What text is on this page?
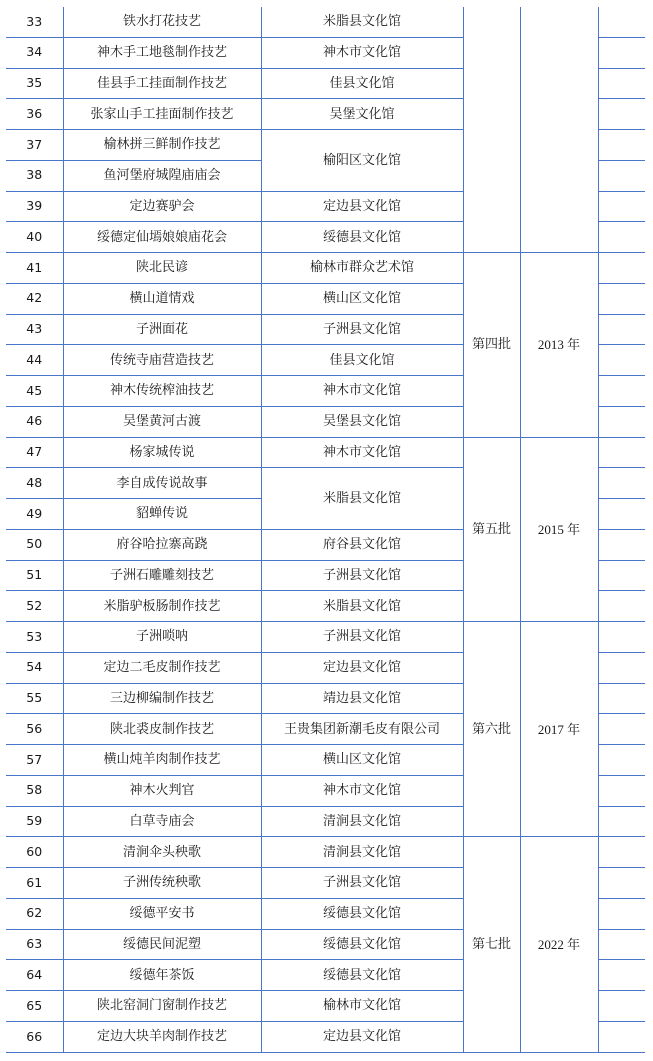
33	铁水打花技艺	米脂县文化馆			
34	神木手工地毯制作技艺	神木市文化馆			
35	佳县手工挂面制作技艺	佳县文化馆			
36	张家山手工挂面制作技艺	吴堡文化馆			
37	榆林拼三鲜制作技艺	榆阳区文化馆			
38	鱼河堡府城隍庙庙会				
39	定边赛驴会	定边县文化馆			
40	绥德定仙墕娘娘庙花会	绥德县文化馆			
41	陕北民谚	榆林市群众艺术馆	第四批	2013 年	
42	横山道情戏	横山区文化馆			
43	子洲面花	子洲县文化馆			
44	传统寺庙营造技艺	佳县文化馆			
45	神木传统榨油技艺	神木市文化馆			
46	吴堡黄河古渡	吴堡县文化馆			
47	杨家城传说	神木市文化馆	第五批	2015 年	
48	李自成传说故事	米脂县文化馆			
49	貂蝉传说				
50	府谷哈拉寨高跷	府谷县文化馆			
51	子洲石雕雕刻技艺	子洲县文化馆			
52	米脂驴板肠制作技艺	米脂县文化馆			
53	子洲唢呐	子洲县文化馆	第六批	2017 年	
54	定边二毛皮制作技艺	定边县文化馆			
55	三边柳编制作技艺	靖边县文化馆			
56	陕北裘皮制作技艺	王贵集团新潮毛皮有限公司			
57	横山炖羊肉制作技艺	横山区文化馆			
58	神木火判官	神木市文化馆			
59	白草寺庙会	清涧县文化馆			
60	清涧伞头秧歌	清涧县文化馆	第七批	2022 年	
61	子洲传统秧歌	子洲县文化馆			
62	绥德平安书	绥德县文化馆			
63	绥德民间泥塑	绥德县文化馆			
64	绥德年茶饭	绥德县文化馆			
65	陕北窑洞门窗制作技艺	榆林市文化馆			
66	定边大块羊肉制作技艺	定边县文化馆			
